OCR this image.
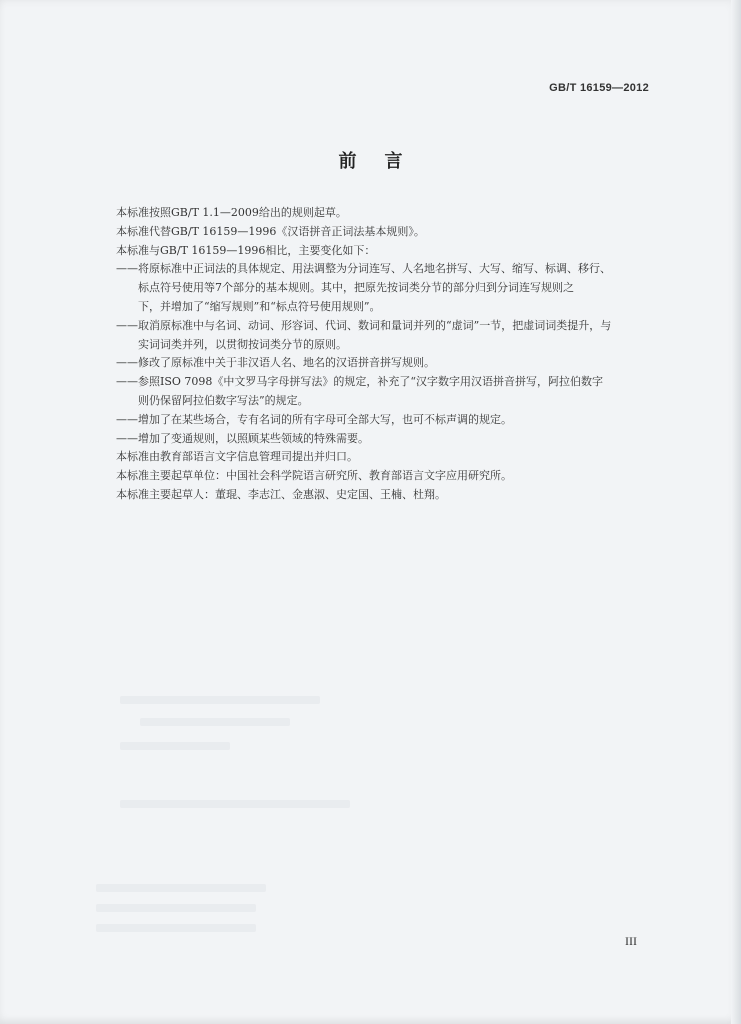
GB/T 16159—2012
前言
本标准按照GB/T 1.1—2009给出的规则起草。
本标准代替GB/T 16159—1996《汉语拼音正词法基本规则》。
本标准与GB/T 16159—1996相比，主要变化如下：
—— 将原标准中正词法的具体规定、用法调整为分词连写、人名地名拼写、大写、缩写、标调、移行、
标点符号使用等7个部分的基本规则。其中，把原先按词类分节的部分归到分词连写规则之
下，并增加了“缩写规则”和“标点符号使用规则”。
—— 取消原标准中与名词、动词、形容词、代词、数词和量词并列的“虚词”一节，把虚词词类提升，与
实词词类并列，以贯彻按词类分节的原则。
—— 修改了原标准中关于非汉语人名、地名的汉语拼音拼写规则。
—— 参照ISO 7098《中文罗马字母拼写法》的规定，补充了“汉字数字用汉语拼音拼写，阿拉伯数字
则仍保留阿拉伯数字写法”的规定。
—— 增加了在某些场合，专有名词的所有字母可全部大写，也可不标声调的规定。
—— 增加了变通规则，以照顾某些领域的特殊需要。
本标准由教育部语言文字信息管理司提出并归口。
本标准主要起草单位：中国社会科学院语言研究所、教育部语言文字应用研究所。
本标准主要起草人：董琨、李志江、金惠淑、史定国、王楠、杜翔。
III
